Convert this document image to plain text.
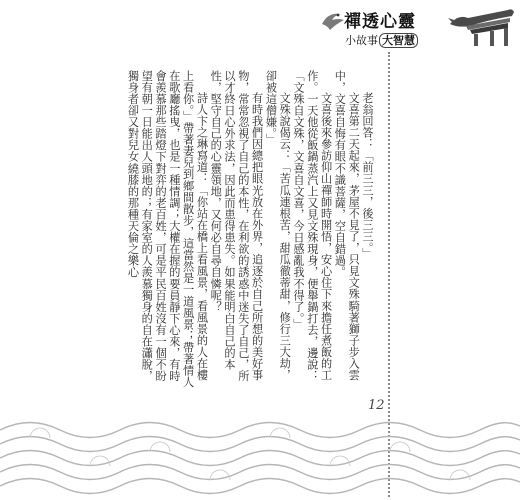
禪透心靈
小故事 大智慧

老翁回答：「前三三，後三三。」

文喜第二天起來，茅屋不見了，只見文殊騎著獅子步入雲中，文喜自悔有眼不識菩薩，空自錯過。

文喜後來參訪仰山禪師時開悟，安心住下來擔任煮飯的工作。一天他從飯鍋蒸汽上又見文殊現身，便舉鍋打去，邊說：「文殊自文殊，文喜自文喜，今日感亂我不得了。」

文殊說偈云：「苦瓜連根苦，甜瓜徹蒂甜，修行三大劫，卻被這僧嫌。」

有時我們因總把眼光放在外界，追逐於自己所想的美好事物，常常忽視了自己的本性，在利欲的誘惑中迷失了自己，所以才終日心外求法，因此而患得患失。如果能明白自己的本性，堅守自己的心靈領地，又何必自尋自憐呢？

詩人卞之琳寫道：「你站在橋上看風景，看風景的人在樓上看你。」帶著妻兒到鄉間散步，這當然是一道風景；帶著情人在歌廳搖曳，也是一種情調；大權在握的要員靜下心來，有時會羨慕那些踏燈下對弈的老百姓，可是平民百姓沒有一個不盼望有朝一日能出人頭地的；有家室的人羨慕獨身的自在瀟脫，獨身者卻又對兒女繞膝的那種天倫之樂心

12
